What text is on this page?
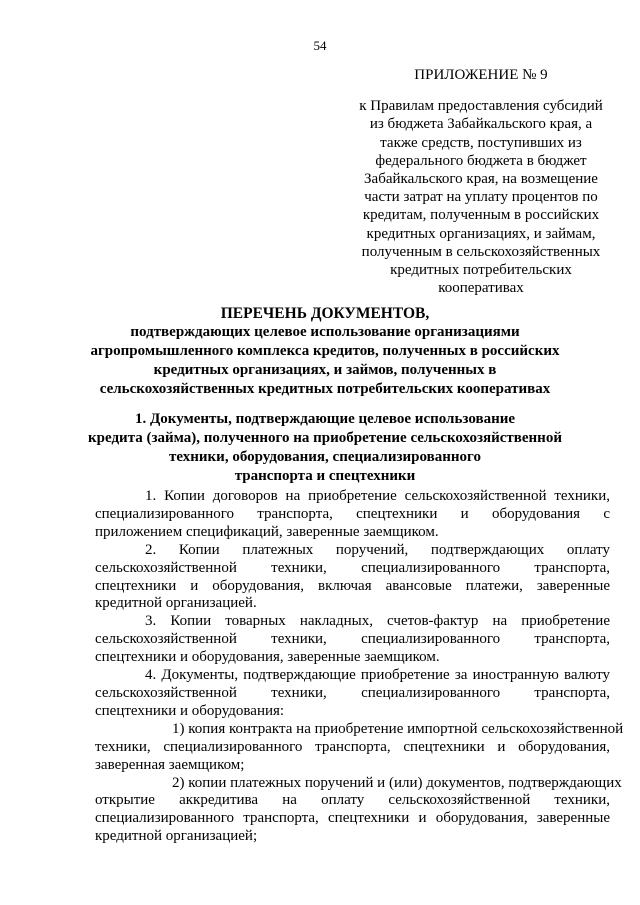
54
ПРИЛОЖЕНИЕ № 9
к Правилам предоставления субсидий
из бюджета Забайкальского края, а
также средств, поступивших из
федерального бюджета в бюджет
Забайкальского края, на возмещение
части затрат на уплату процентов по
кредитам, полученным в российских
кредитных организациях, и займам,
полученным в сельскохозяйственных
кредитных потребительских
кооперативах
ПЕРЕЧЕНЬ ДОКУМЕНТОВ,
подтверждающих целевое использование организациями
агропромышленного комплекса кредитов, полученных в российских
кредитных организациях, и займов, полученных в
сельскохозяйственных кредитных потребительских кооперативах
1. Документы, подтверждающие целевое использование
кредита (займа), полученного на приобретение сельскохозяйственной
техники, оборудования, специализированного
транспорта и спецтехники
1. Копии договоров на приобретение сельскохозяйственной техники,
специализированного транспорта, спецтехники и оборудования с
приложением спецификаций, заверенные заемщиком.
2. Копии платежных поручений, подтверждающих оплату
сельскохозяйственной техники, специализированного транспорта,
спецтехники и оборудования, включая авансовые платежи, заверенные
кредитной организацией.
3. Копии товарных накладных, счетов-фактур на приобретение
сельскохозяйственной техники, специализированного транспорта,
спецтехники и оборудования, заверенные заемщиком.
4. Документы, подтверждающие приобретение за иностранную валюту
сельскохозяйственной техники, специализированного транспорта,
спецтехники и оборудования:
1) копия контракта на приобретение импортной сельскохозяйственной
техники, специализированного транспорта, спецтехники и оборудования,
заверенная заемщиком;
2) копии платежных поручений и (или) документов, подтверждающих
открытие аккредитива на оплату сельскохозяйственной техники,
специализированного транспорта, спецтехники и оборудования, заверенные
кредитной организацией;
